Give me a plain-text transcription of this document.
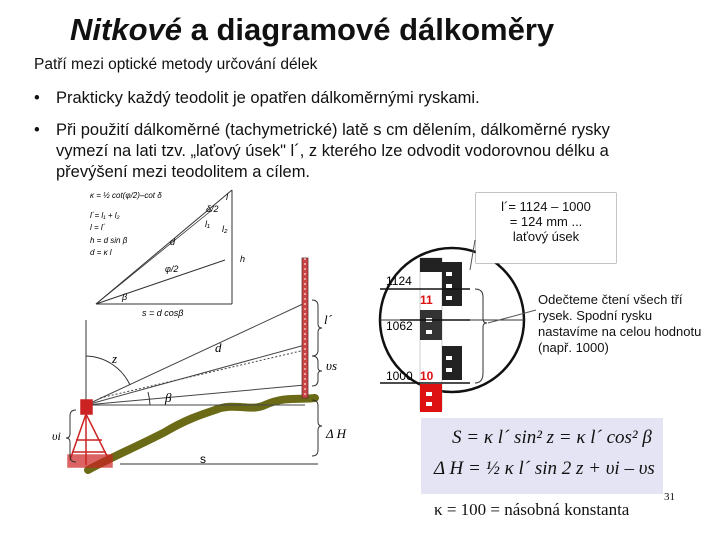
Nitkové a diagramové dálkoměry
Patří mezi optické metody určování délek
• Prakticky každý teodolit je opatřen dálkoměrnými ryskami.
• Při použití dálkoměrné (tachymetrické) latě s cm dělením, dálkoměrné rysky vymezí na lati tzv. „laťový úsek" l´, z kterého lze odvodit vodorovnou délku a převýšení mezi teodolitem a cílem.
δ/2
l₁ l₂
h
φ/2
d
β
s = d cosβ
l
κ = ½ cot(φ/2)–cot δ
l´= l₁ + l₂
l = l´
h = d sin β
d = κ l
l´
υs
Δ H
z
β
d
s
υi
1124
11
1062
1000 10
l´= 1124 – 1000
= 124 mm ...
laťový úsek
Odečteme čtení všech tří rysek. Spodní rysku nastavíme na celou hodnotu (např. 1000)
S = κ l´ sin² z = κ l´ cos² β
Δ H = ½ κ l´ sin 2 z + υi – υs
κ = 100 = násobná konstanta
31
